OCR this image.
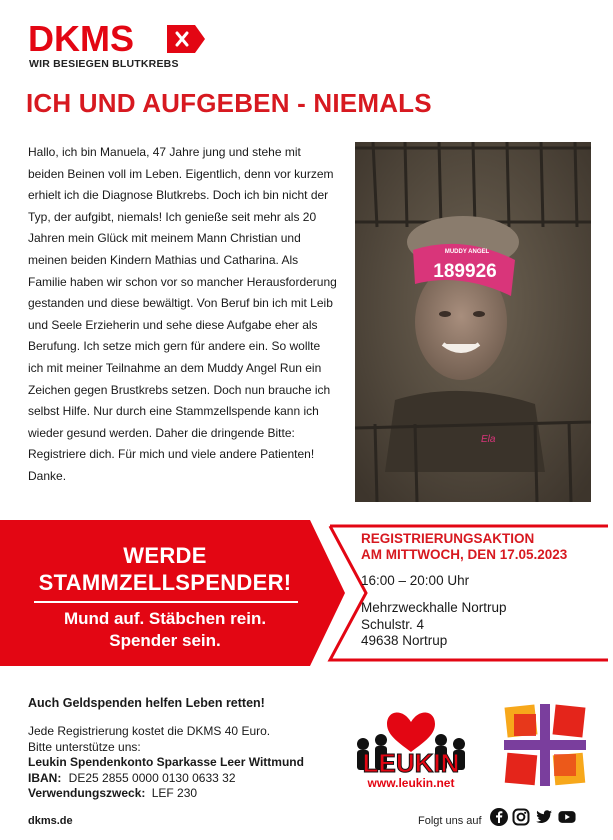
DKMS
WIR BESIEGEN BLUTKREBS
ICH UND AUFGEBEN - NIEMALS

Hallo, ich bin Manuela, 47 Jahre jung und stehe mit beiden Beinen voll im Leben. Eigentlich, denn vor kurzem erhielt ich die Diagnose Blutkrebs. Doch ich bin nicht der Typ, der aufgibt, niemals! Ich genieße seit mehr als 20 Jahren mein Glück mit meinem Mann Christian und meinen beiden Kindern Mathias und Catharina. Als Familie haben wir schon vor so mancher Herausforderung gestanden und diese bewältigt. Von Beruf bin ich mit Leib und Seele Erzieherin und sehe diese Aufgabe eher als Berufung. Ich setze mich gern für andere ein. So wollte ich mit meiner Teilnahme an dem Muddy Angel Run ein Zeichen gegen Brustkrebs setzen. Doch nun brauche ich selbst Hilfe. Nur durch eine Stammzellspende kann ich wieder gesund werden. Daher die dringende Bitte: Registriere dich. Für mich und viele andere Patienten! Danke.

189926
MUDDY ANGEL
Ela
WERDE
STAMMZELLSPENDER!
Mund auf. Stäbchen rein.
Spender sein.
REGISTRIERUNGSAKTION
AM MITTWOCH, DEN 17.05.2023
16:00 – 20:00 Uhr
Mehrzweckhalle Nortrup
Schulstr. 4
49638 Nortrup
Auch Geldspenden helfen Leben retten!
Jede Registrierung kostet die DKMS 40 Euro.
Bitte unterstütze uns:
Leukin Spendenkonto Sparkasse Leer Wittmund
IBAN: DE25 2855 0000 0130 0633 32
Verwendungszweck: LEF 230
LEUKIN
www.leukin.net
dkms.de	Folgt uns auf
